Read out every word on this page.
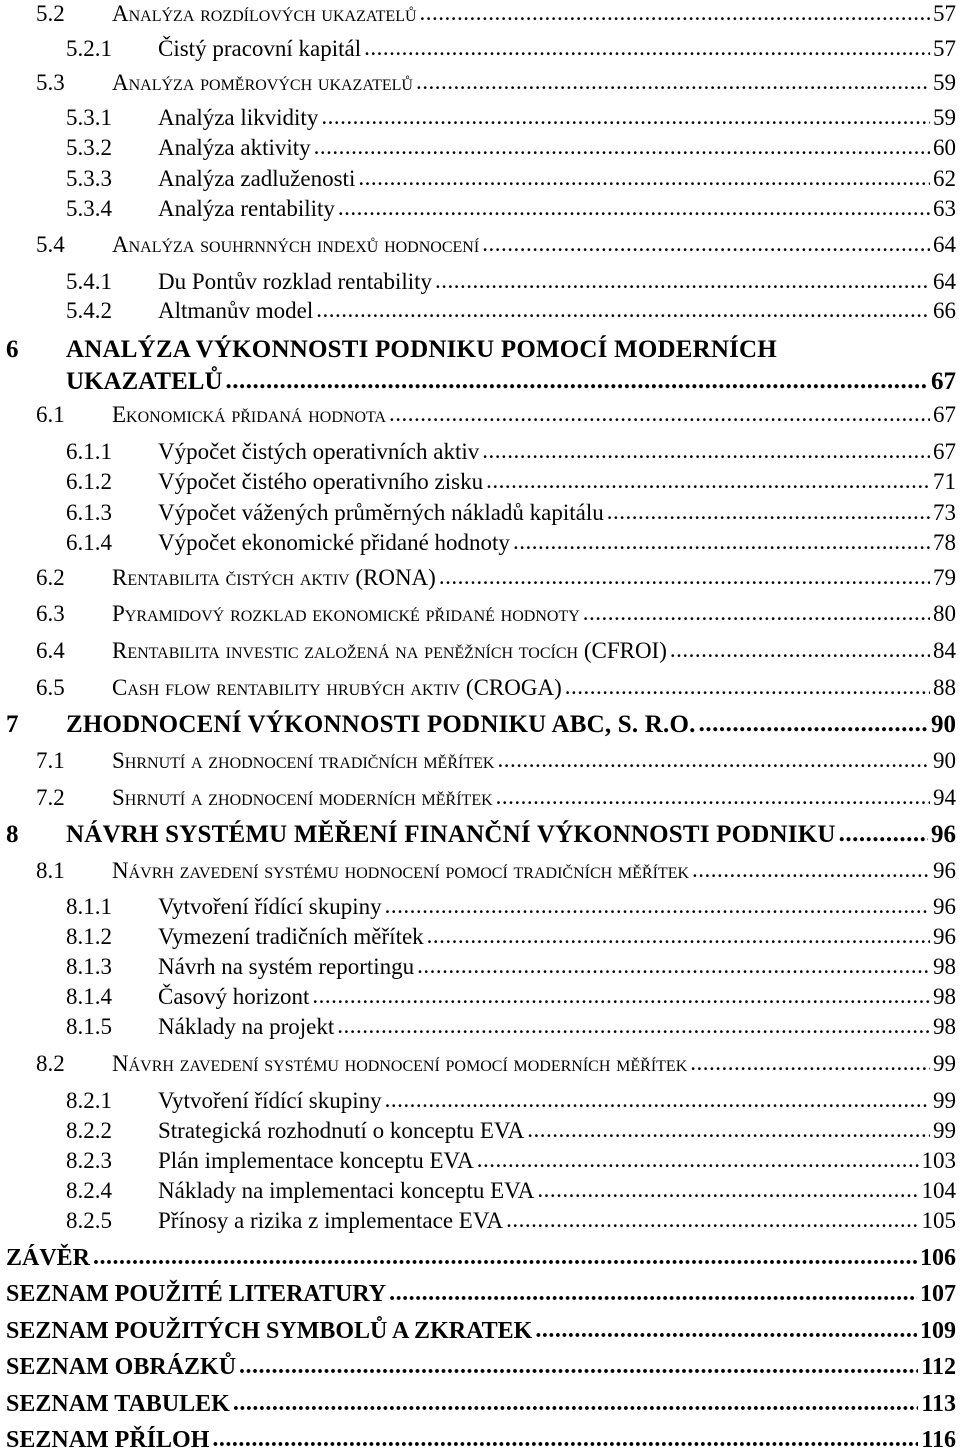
5.2	Analýza rozdílových ukazatelů .....	57
5.2.1	Čistý pracovní kapitál .....	57
5.3	Analýza poměrových ukazatelů .....	59
5.3.1	Analýza likvidity .....	59
5.3.2	Analýza aktivity .....	60
5.3.3	Analýza zadluženosti .....	62
5.3.4	Analýza rentability .....	63
5.4	Analýza souhrnných indexů hodnocení .....	64
5.4.1	Du Pontův rozklad rentability .....	64
5.4.2	Altmanův model .....	66
6	ANALÝZA VÝKONNOSTI PODNIKU POMOCÍ MODERNÍCH
UKAZATELŮ .....	67
6.1	Ekonomická přidaná hodnota .....	67
6.1.1	Výpočet čistých operativních aktiv .....	67
6.1.2	Výpočet čistého operativního zisku .....	71
6.1.3	Výpočet vážených průměrných nákladů kapitálu .....	73
6.1.4	Výpočet ekonomické přidané hodnoty .....	78
6.2	Rentabilita čistých aktiv (RONA) .....	79
6.3	Pyramidový rozklad ekonomické přidané hodnoty .....	80
6.4	Rentabilita investic založená na peněžních tocích (CFROI) .....	84
6.5	Cash flow rentability hrubých aktiv (CROGA) .....	88
7	ZHODNOCENÍ VÝKONNOSTI PODNIKU ABC, S. R.O. .....	90
7.1	Shrnutí a zhodnocení tradičních měřítek .....	90
7.2	Shrnutí a zhodnocení moderních měřítek .....	94
8	NÁVRH SYSTÉMU MĚŘENÍ FINANČNÍ VÝKONNOSTI PODNIKU .....	96
8.1	Návrh zavedení systému hodnocení pomocí tradičních měřítek .....	96
8.1.1	Vytvoření řídící skupiny .....	96
8.1.2	Vymezení tradičních měřítek .....	96
8.1.3	Návrh na systém reportingu .....	98
8.1.4	Časový horizont .....	98
8.1.5	Náklady na projekt .....	98
8.2	Návrh zavedení systému hodnocení pomocí moderních měřítek .....	99
8.2.1	Vytvoření řídící skupiny .....	99
8.2.2	Strategická rozhodnutí o konceptu EVA .....	99
8.2.3	Plán implementace konceptu EVA .....	103
8.2.4	Náklady na implementaci konceptu EVA .....	104
8.2.5	Přínosy a rizika z implementace EVA .....	105
ZÁVĚR .....	106
SEZNAM POUŽITÉ LITERATURY .....	107
SEZNAM POUŽITÝCH SYMBOLŮ A ZKRATEK .....	109
SEZNAM OBRÁZKŮ .....	112
SEZNAM TABULEK .....	113
SEZNAM PŘÍLOH .....	116
